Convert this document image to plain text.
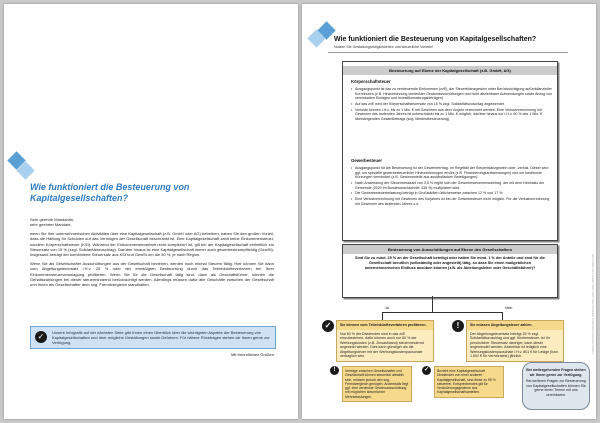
Wie funktioniert die Besteuerung von Kapitalgesellschaften?

Sehr geehrte Mandantin,

sehr geehrter Mandant,

wenn Sie Ihre unternehmerischen Aktivitäten über eine Kapitalgesellschaft (z.B. GmbH oder AG) betreiben, haben Sie den großen Vorteil, dass die Haftung für Schulden auf das Vermögen der Gesellschaft beschränkt ist. Eine Kapitalgesellschaft zahlt keine Einkommensteuer, sondern Körperschaftsteuer (KSt). Während der Einkommensteuertarif recht kompliziert ist, gilt bei der Kapitalgesellschaft einheitlich ein Steuersatz von 15 % (zzgl. Solidaritätszuschlag). Darüber hinaus ist eine Kapitalgesellschaft immer auch gewerbesteuerpflichtig (GewSt). Insgesamt beträgt der kombinierte Steuersatz aus KSt und GewSt um die 30 %, je nach Region.

Wenn Sie als Gesellschafter Ausschüttungen aus der Gesellschaft beziehen, werden noch einmal Steuern fällig. Hier können Sie dann vom Abgeltungsteuersatz i.H.v. 25 % oder der ermäßigten Besteuerung durch das Teileinkünfteverfahren bei Ihrer Einkommensteuerveranlagung profitieren. Wenn Sie für die Gesellschaft tätig sind, dann als Geschäftsführer, können die Gehaltszahlungen bei dieser steuermindernd berücksichtigt werden. Allerdings müssen dafür alle Geschäfte zwischen der Gesellschaft und Ihnen als Gesellschafter dem sog. Fremdvergleich standhalten.

✓	Unsere Infografik auf der nächsten Seite gibt Ihnen einen Überblick über die wichtigsten Aspekte der Besteuerung von Kapitalgesellschaften und über mögliche Gestaltungen sowie Gefahren. Für nähere Rückfragen stehen wir Ihnen gerne zur Verfügung.
Mit freundlichen Grüßen
Wie funktioniert die Besteuerung von Kapitalgesellschaften?
Nutzen Sie Gestaltungsmöglichkeiten und steuerliche Vorteile!
Besteuerung auf Ebene der Kapitalgesellschaft (z.B. GmbH, AG)
Körperschaftsteuer
• Ausgangspunkt ist das zu versteuernde Einkommen (zvE), der Steuerbilanzgewinn unter Berücksichtigung außerbilanzieller Korrekturen (z.B. Hinzurechnung verdeckter Gewinnausschüttungen und nicht abziehbarer Aufwendungen sowie Abzug von vereinbarten Einlagen und Investitionsabzugsbeträgen).
• Auf das zvE wird der Körperschaftsteuersatz von 15 % zzgl. Solidaritätszuschlag angewendet.
• Verluste können i.H.v. bis zu 1 Mio. € mit Gewinnen aus dem Vorjahr verrechnet werden. Eine Verlustverrechnung mit Gewinnen des laufenden Jahres ist unbeschränkt bis zu 1 Mio. € möglich, darüber hinaus nur i.H.v. 60 % des 1 Mio. € übersteigenden Gesamtbetrags (sog. Mindestbesteuerung).
Gewerbesteuer
• Ausgangspunkt für die Besteuerung ist der Gewerbeertrag. Im Regelfall der Steuerbilanzgewinn oder -verlust. Dieser wird ggf. um spezielle gewerbesteuerliche Hinzurechnungen erhöht (z.B. Finanzierungsaufwendungen) und um bestimmte Kürzungen vermindert (z.B. Gewinnanteile aus ausländischen Beteiligungen).
• Nach Anwendung der Steuermesszahl von 3,5 % ergibt sich der Gewerbesteuermessbetrag, der mit dem Hebesatz der Gemeinde (2020 im Bundesdurchschnitt: 435 %) multipliziert wird.
• Die Gewerbesteuerbelastung beträgt in Großstädten üblicherweise zwischen 12 % und 17 %.
• Eine Verlustverrechnung mit Gewinnen des Vorjahres ist bei der Gewerbesteuer nicht möglich. Für die Verlustverrechnung mit Gewinnen des laufenden Jahres s.o.
Besteuerung von Ausschüttungen auf Ebene des Gesellschafters
Sind Sie zu mind. 25 % an der Gesellschaft beteiligt oder halten Sie mind. 1 % der Anteile und sind für die Gesellschaft beruflich (selbständig oder angestellt) tätig, so dass Sie einen maßgeblichen unternehmerischen Einfluss ausüben können (z.B. als Abteilungsleiter oder Geschäftsführer)?
Ja	Nein
✓	Sie können vom Teileinkünfteverfahren profitieren.
Nur 60 % der Dividenden sind in das zvE einzubeziehen, dafür können auch nur 60 % der Werbungskosten (z.B. Zinsaufwand) steuermindernd angesetzt werden. Dies kann günstiger als die Abgeltungsteuer mit der Werbungskostenpauschale vertraglich sein.
!	Sie müssen Abgeltungsteuer zahlen.
Der Abgeltungsteuersatz beträgt 25 % zzgl. Solidaritätszuschlag und ggf. Kirchensteuer. Ist Ihr persönlicher Steuersatz niedriger, kann dieser angewendet werden. Abziehbar ist lediglich eine Werbungskostenpauschale i.H.v. 801 € für Ledige (bzw. 1.602 € für Verheiratete) jährlich.
!	Verträge zwischen Gesellschafter und Gesellschaft können steuerlich attraktiv sein, müssen jedoch den sog. Fremdvergleich genügen. Andernfalls liegt ggf. eine verdeckte Gewinnausschüttung mit möglichen steuerlichen Mehrbelastungen.
✓	Bezieht eine Kapitalgesellschaft Dividenden von einer anderen Kapitalgesellschaft, sind diese zu 95 % steuerfrei. Entsprechendes gilt für Veräußerungsgewinne aus Kapitalgesellschaftsanteilen.
Bei weitergehenden Fragen stehen wir Ihnen gerne zur Verfügung.
Bei weiteren Fragen zur Besteuerung von Kapitalgesellschaften können Sie gerne einen Termin mit uns vereinbaren.
Alle Angaben ohne Gewähr. Stand: 2020. Diese Information ersetzt keine individuelle Beratung.
